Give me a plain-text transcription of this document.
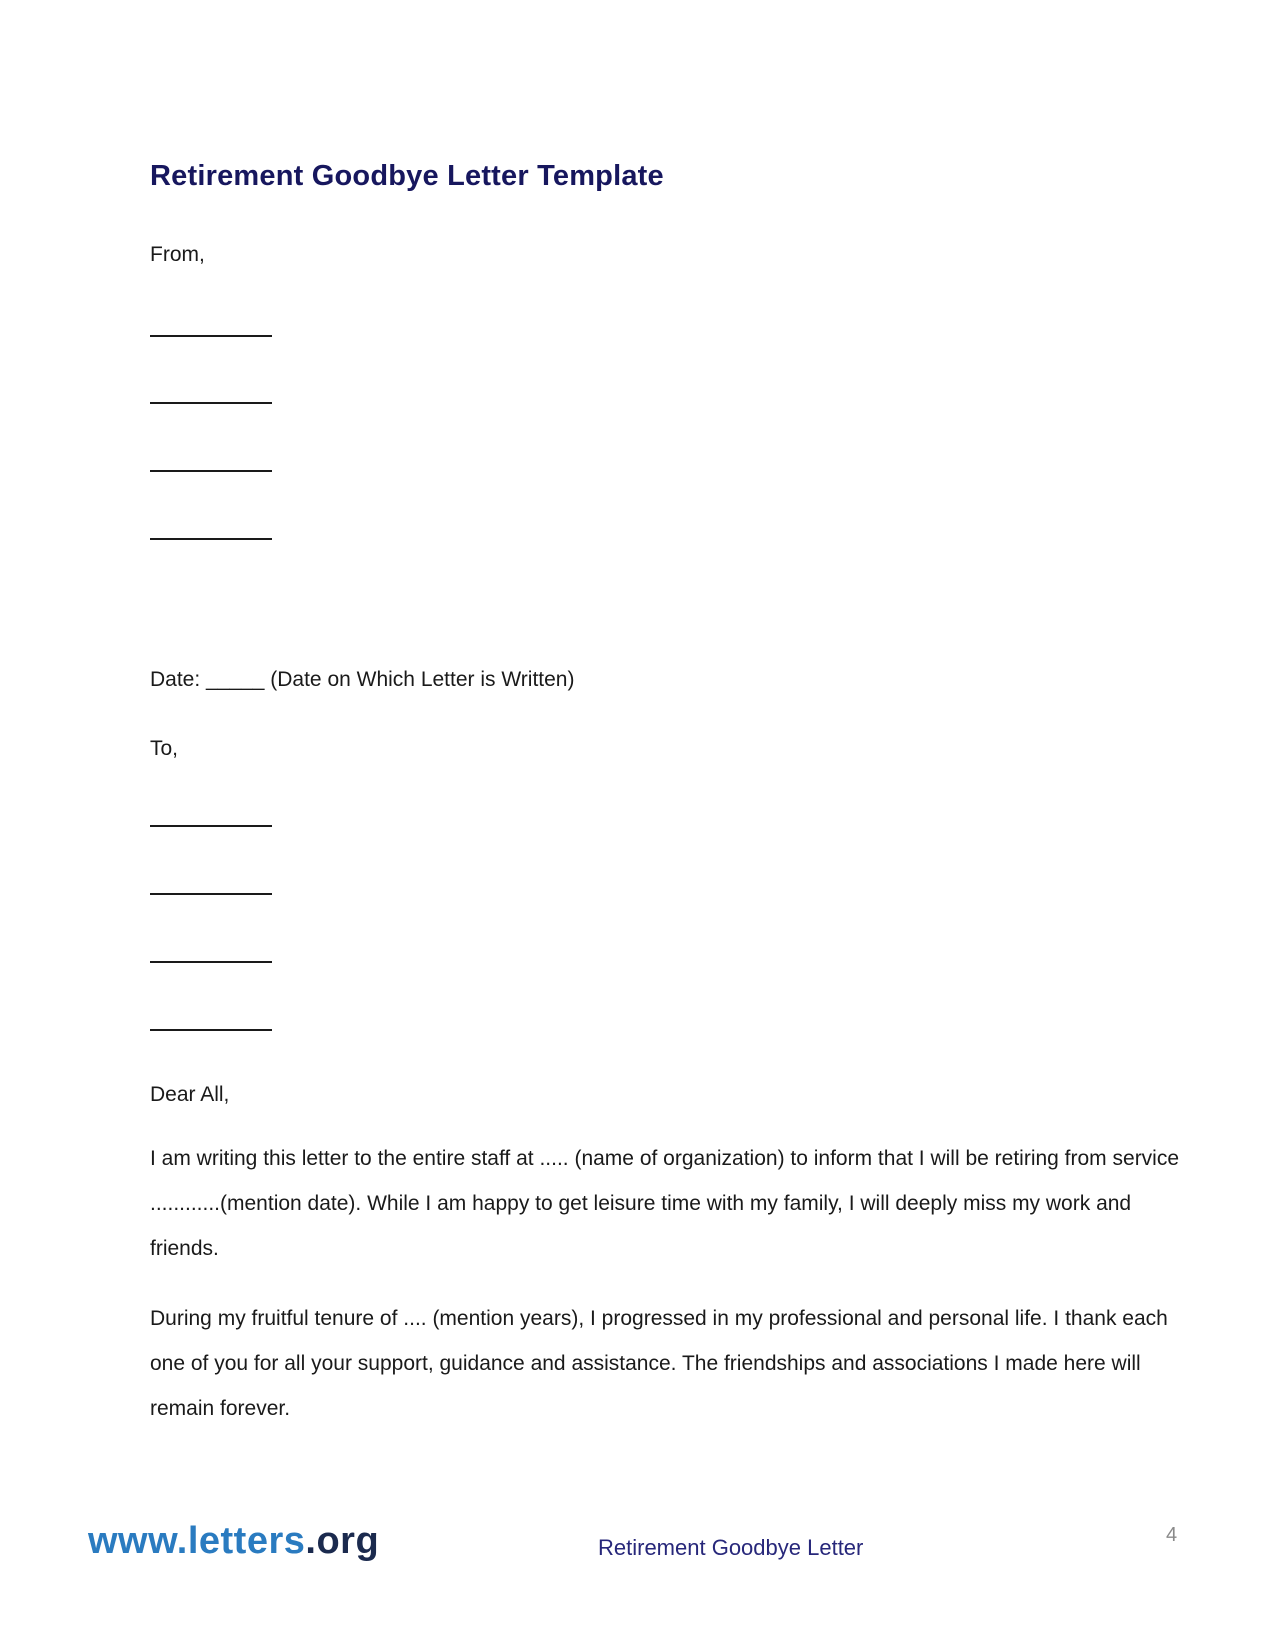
Retirement Goodbye Letter Template
From,
Date: _____ (Date on Which Letter is Written)
To,
Dear All,

I am writing this letter to the entire staff at ..... (name of organization) to inform that I will be retiring from service ............(mention date). While I am happy to get leisure time with my family, I will deeply miss my work and friends.

During my fruitful tenure of .... (mention years), I progressed in my professional and personal life. I thank each one of you for all your support, guidance and assistance. The friendships and associations I made here will remain forever.

www.letters.org	Retirement Goodbye Letter	4
